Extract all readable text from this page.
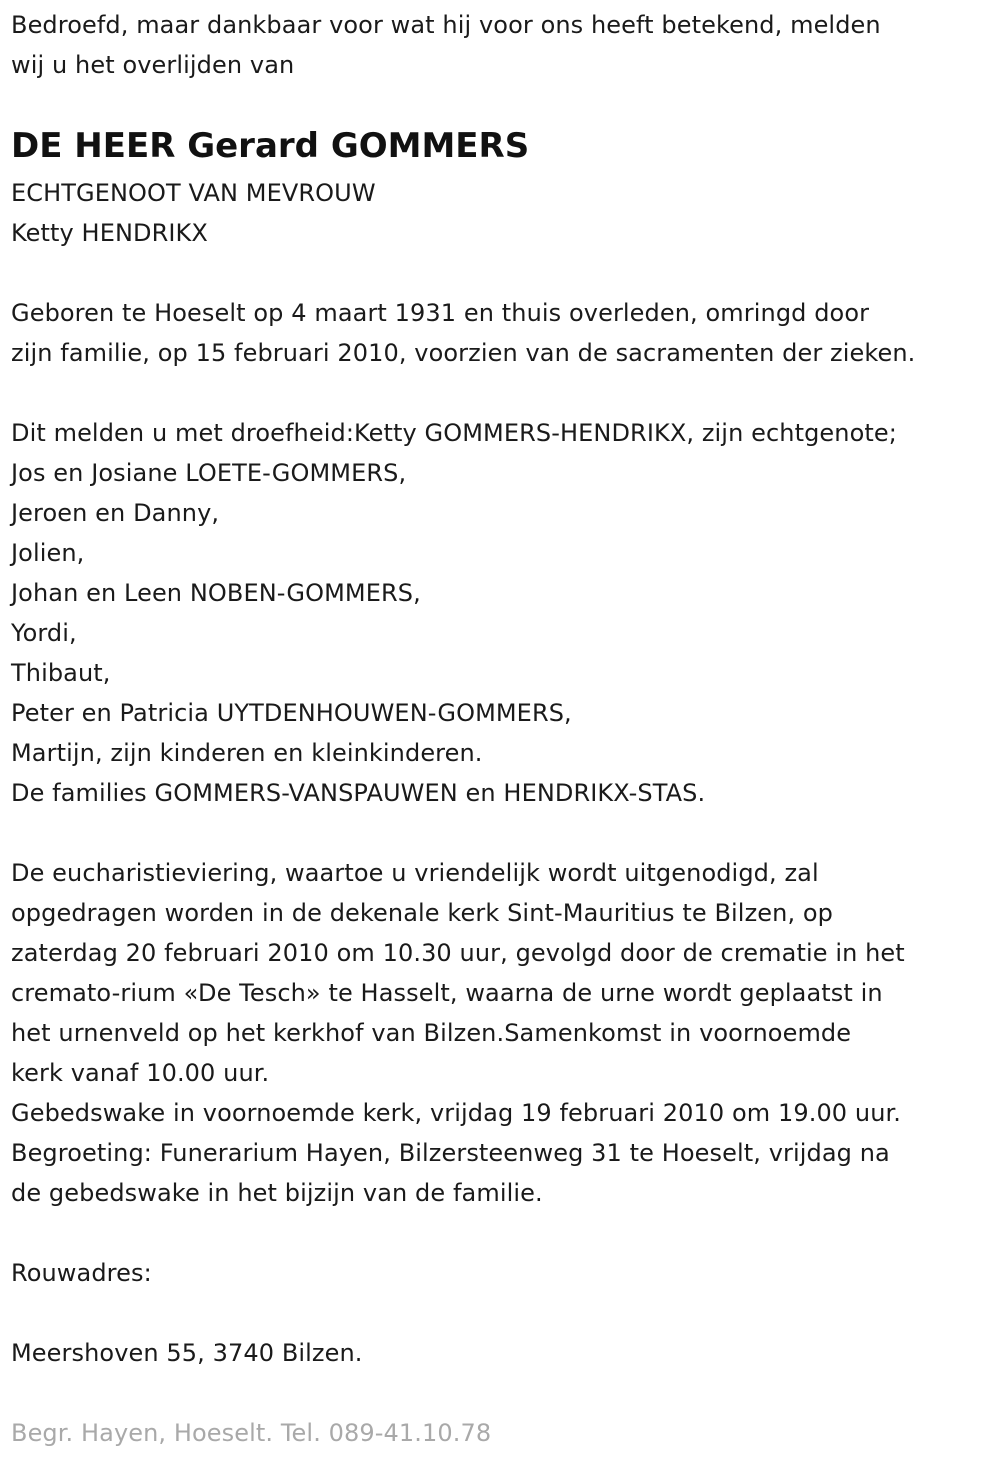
Bedroefd, maar dankbaar voor wat hij voor ons heeft betekend, melden
wij u het overlijden van
DE HEER Gerard GOMMERS
ECHTGENOOT VAN MEVROUW
Ketty HENDRIKX
Geboren te Hoeselt op 4 maart 1931 en thuis overleden, omringd door
zijn familie, op 15 februari 2010, voorzien van de sacramenten der zieken.
Dit melden u met droefheid:Ketty GOMMERS-HENDRIKX, zijn echtgenote;
Jos en Josiane LOETE-GOMMERS,
Jeroen en Danny,
Jolien,
Johan en Leen NOBEN-GOMMERS,
Yordi,
Thibaut,
Peter en Patricia UYTDENHOUWEN-GOMMERS,
Martijn, zijn kinderen en kleinkinderen.
De families GOMMERS-VANSPAUWEN en HENDRIKX-STAS.
De eucharistieviering, waartoe u vriendelijk wordt uitgenodigd, zal
opgedragen worden in de dekenale kerk Sint-Mauritius te Bilzen, op
zaterdag 20 februari 2010 om 10.30 uur, gevolgd door de crematie in het
cremato-rium «De Tesch» te Hasselt, waarna de urne wordt geplaatst in
het urnenveld op het kerkhof van Bilzen.Samenkomst in voornoemde
kerk vanaf 10.00 uur.
Gebedswake in voornoemde kerk, vrijdag 19 februari 2010 om 19.00 uur.
Begroeting: Funerarium Hayen, Bilzersteenweg 31 te Hoeselt, vrijdag na
de gebedswake in het bijzijn van de familie.
Rouwadres:
Meershoven 55, 3740 Bilzen.
Begr. Hayen, Hoeselt. Tel. 089-41.10.78
